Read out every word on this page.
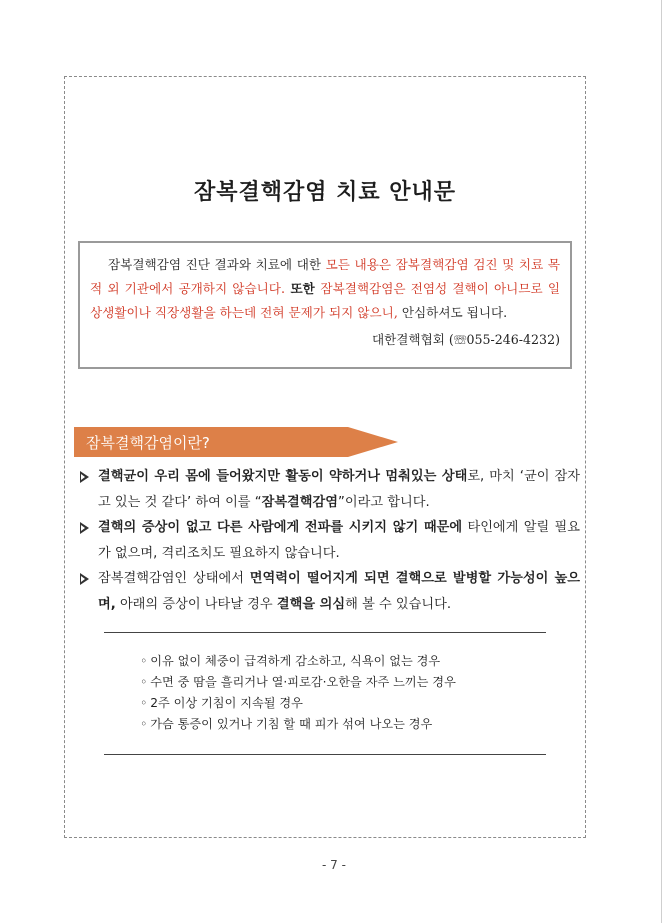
잠복결핵감염 치료 안내문

잠복결핵감염 진단 결과와 치료에 대한 모든 내용은 잠복결핵감염 검진 및 치료 목적 외 기관에서 공개하지 않습니다. 또한 잠복결핵감염은 전염성 결핵이 아니므로 일상생활이나 직장생활을 하는데 전혀 문제가 되지 않으니, 안심하셔도 됩니다.

대한결핵협회 (☏055-246-4232)
잠복결핵감염이란?
결핵균이 우리 몸에 들어왔지만 활동이 약하거나 멈춰있는 상태로, 마치 ‘균이 잠자고 있는 것 같다’ 하여 이를 “잠복결핵감염”이라고 합니다.
결핵의 증상이 없고 다른 사람에게 전파를 시키지 않기 때문에 타인에게 알릴 필요가 없으며, 격리조치도 필요하지 않습니다.
잠복결핵감염인 상태에서 면역력이 떨어지게 되면 결핵으로 발병할 가능성이 높으며, 아래의 증상이 나타날 경우 결핵을 의심해 볼 수 있습니다.
◦ 이유 없이 체중이 급격하게 감소하고, 식욕이 없는 경우
◦ 수면 중 땀을 흘리거나 열·피로감·오한을 자주 느끼는 경우
◦ 2주 이상 기침이 지속될 경우
◦ 가슴 통증이 있거나 기침 할 때 피가 섞여 나오는 경우
- 7 -
